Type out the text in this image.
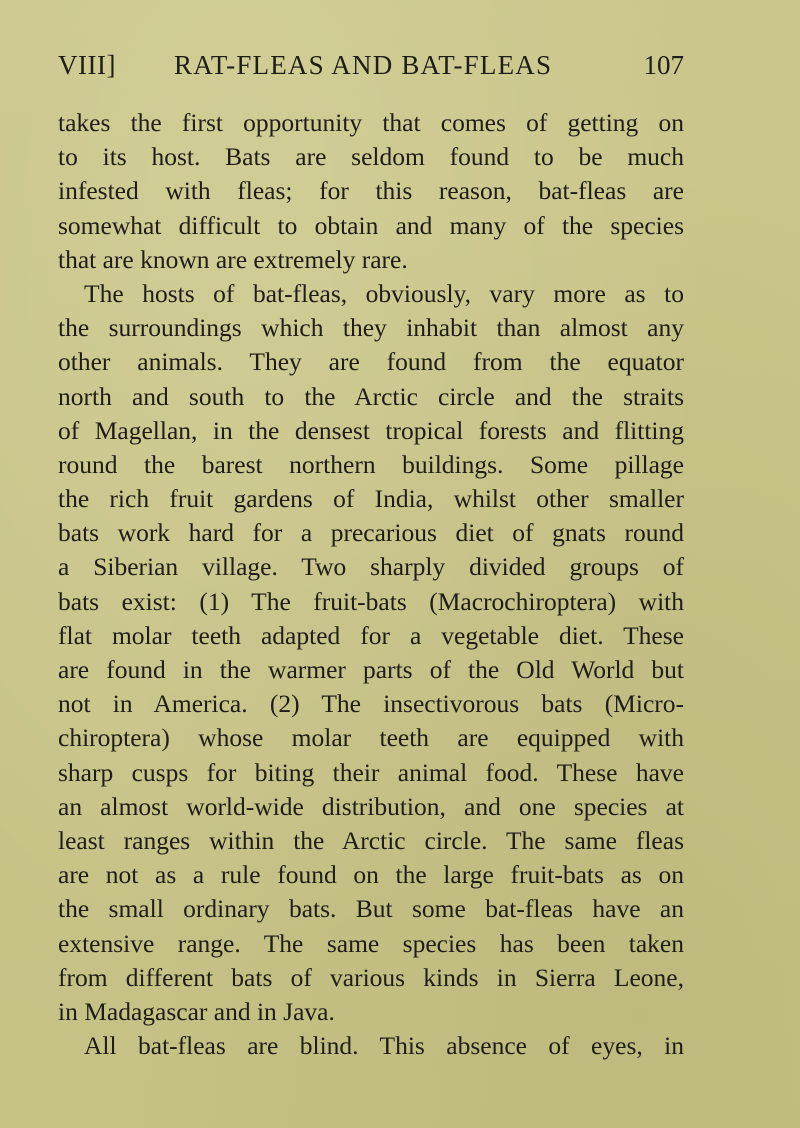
VIII] RAT-FLEAS AND BAT-FLEAS	107
takes the first opportunity that comes of getting on
to its host. Bats are seldom found to be much
infested with fleas; for this reason, bat-fleas are
somewhat difficult to obtain and many of the species
that are known are extremely rare.
The hosts of bat-fleas, obviously, vary more as to
the surroundings which they inhabit than almost any
other animals. They are found from the equator
north and south to the Arctic circle and the straits
of Magellan, in the densest tropical forests and flitting
round the barest northern buildings. Some pillage
the rich fruit gardens of India, whilst other smaller
bats work hard for a precarious diet of gnats round
a Siberian village. Two sharply divided groups of
bats exist: (1) The fruit-bats (Macrochiroptera) with
flat molar teeth adapted for a vegetable diet. These
are found in the warmer parts of the Old World but
not in America. (2) The insectivorous bats (Micro-
chiroptera) whose molar teeth are equipped with
sharp cusps for biting their animal food. These have
an almost world-wide distribution, and one species at
least ranges within the Arctic circle. The same fleas
are not as a rule found on the large fruit-bats as on
the small ordinary bats. But some bat-fleas have an
extensive range. The same species has been taken
from different bats of various kinds in Sierra Leone,
in Madagascar and in Java.
All bat-fleas are blind. This absence of eyes, in
